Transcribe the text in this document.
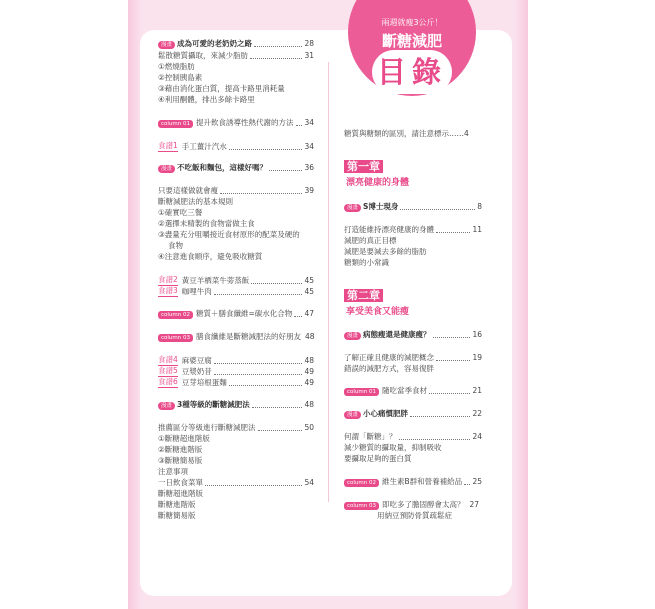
兩週就瘦3公斤！
斷糖減肥
目錄
漫畫 成為可愛的老奶奶之路	28
鬆散糖質攝取，來減少脂肪	31
①燃燒脂肪
②控制胰島素
③藉由消化蛋白質，提高卡路里消耗量
④利用酮體，排出多餘卡路里
column 01 提升飲食誘導性熱代謝的方法 34
食譜1 手工薑汁汽水	34
漫畫 不吃飯和麵包，這樣好嗎？	36
只要這樣做就會瘦	39
斷糖減肥法的基本規則
①確實吃三餐
②選擇未精製的食物當做主食
③盡量充分咀嚼接近食材原形的配菜及硬的
食物
④注意進食順序，避免吸收糖質
食譜2 黃豆羊栖菜牛蒡蒸飯	45
食譜3 咖哩牛肉	45
column 02 糖質＋膳食纖維=碳水化合物 47
column 03 膳食纖維是斷糖減肥法的好朋友 48
食譜4 麻婆豆腐	48
食譜5 豆漿奶昔	49
食譜6 豆芽培根蛋麵	49
漫畫 3種等級的斷糖減肥法	48
推薦區分等級進行斷糖減肥法	50
①斷糖超進階版
②斷糖進階版
③斷糖簡易版
注意事項
一日飲食菜單	54
斷糖超進階版
斷糖進階版
斷糖簡易版
糖質與糖類的區別，請注意標示……4
第一章
漂亮健康的身體
漫畫 S博士現身	8
打造能維持漂亮健康的身體	11
減肥的真正目標
減肥是要減去多餘的脂肪
糖類的小常識
第二章
享受美食又能瘦
漫畫 病態瘦還是健康瘦？	16
了解正確且健康的減肥概念	19
錯誤的減肥方式，容易復胖
column 01 隨吃當季食材	21
漫畫 小心痛慣肥胖	22
何謂「斷糖」？	24
減少糖質的攝取量，抑制吸收
要攝取足夠的蛋白質
column 02 維生素B群和營養補給品 25
column 03 即吃多了膽固醇會太高？ 27
用納豆預防骨質疏鬆症
